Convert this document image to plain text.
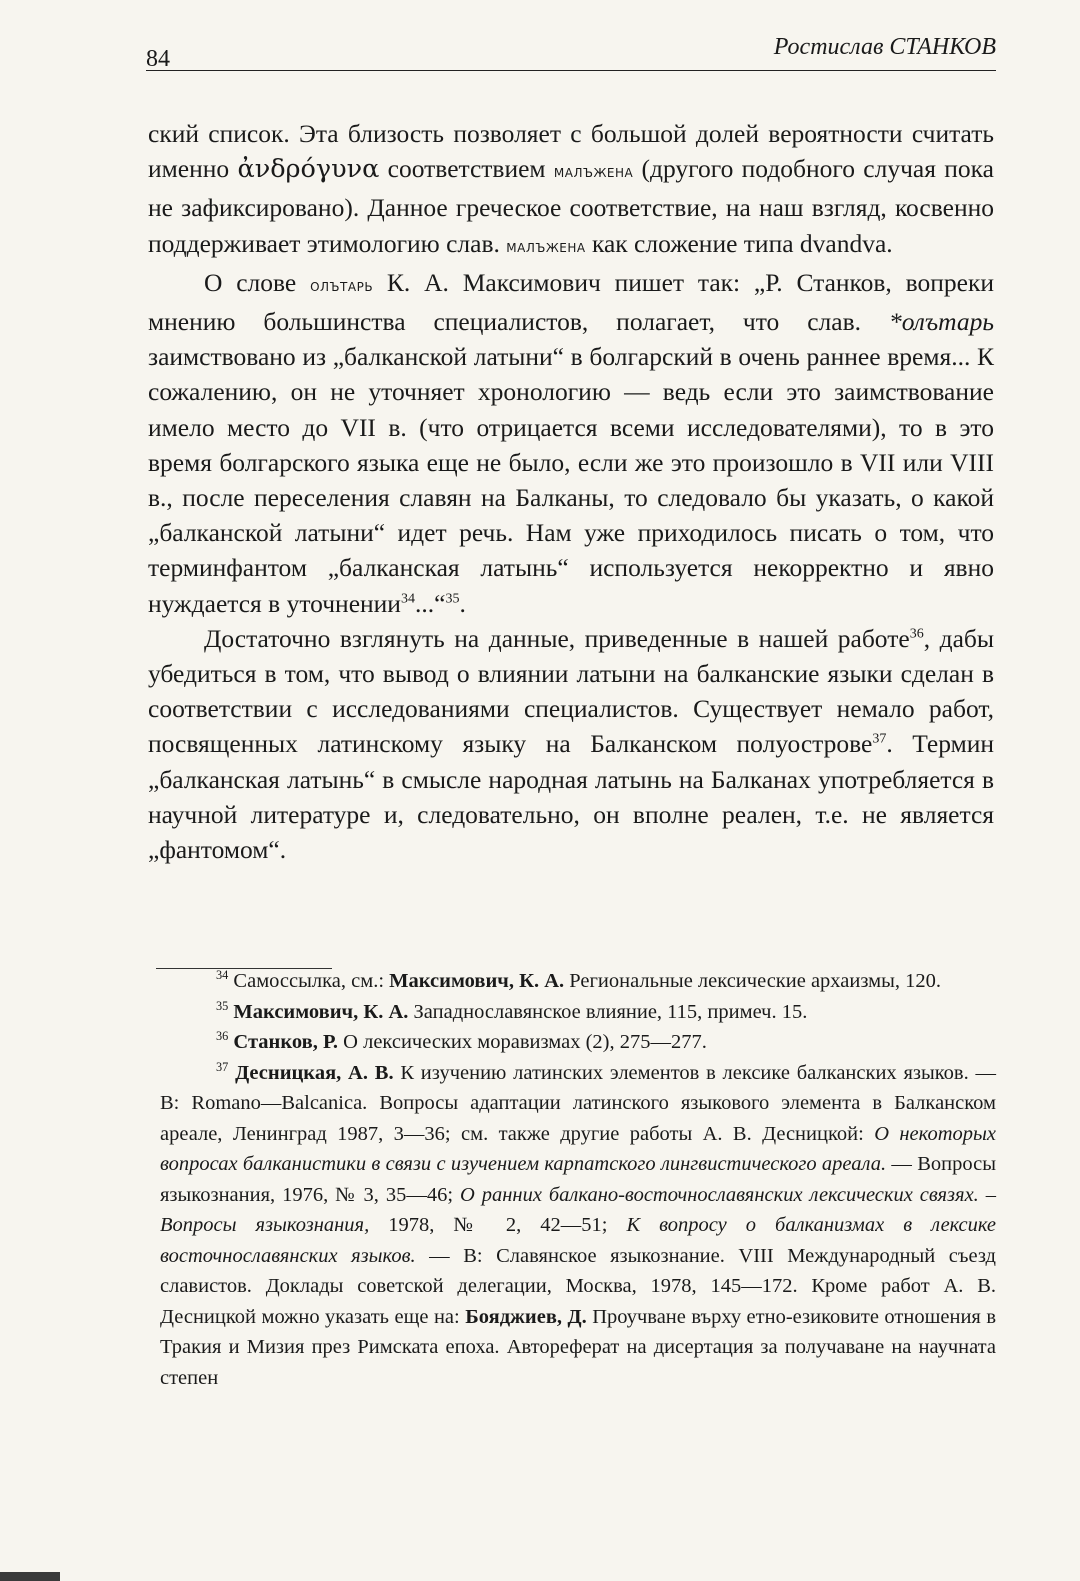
84	Ростислав СТАНКОВ

ский список. Эта близость позволяет с большой долей вероятности считать именно ἀνδρόγυνα соответствием малъжена (другого подобного случая пока не зафиксировано). Данное греческое соответствие, на наш взгляд, косвенно поддерживает этимологию слав. малъжена как сложение типа dvandva.

О слове олътарь К. А. Максимович пишет так: „Р. Станков, вопреки мнению большинства специалистов, полагает, что слав. *олътарь заимствовано из „балканской латыни“ в болгарский в очень раннее время... К сожалению, он не уточняет хронологию — ведь если это заимствование имело место до VII в. (что отрицается всеми исследователями), то в это время болгарского языка еще не было, если же это произошло в VII или VIII в., после переселения славян на Балканы, то следовало бы указать, о какой „балканской латыни“ идет речь. Нам уже приходилось писать о том, что терминфантом „балканская латынь“ используется некорректно и явно нуждается в уточнении$^{34}$...“$^{35}$.

Достаточно взглянуть на данные, приведенные в нашей работе$^{36}$, дабы убедиться в том, что вывод о влиянии латыни на балканские языки сделан в соответствии с исследованиями специалистов. Существует немало работ, посвященных латинскому языку на Балканском полуострове$^{37}$. Термин „балканская латынь“ в смысле народная латынь на Балканах употребляется в научной литературе и, следовательно, он вполне реален, т.е. не является „фантомом“.

$^{34}$ Самоссылка, см.: Максимович, К. А. Региональные лексические архаизмы, 120.

$^{35}$ Максимович, К. А. Западнославянское влияние, 115, примеч. 15.

$^{36}$ Станков, Р. О лексических моравизмах (2), 275—277.

$^{37}$ Десницкая, А. В. К изучению латинских элементов в лексике балканских языков. — В: Romano—Balcanica. Вопросы адаптации латинского языкового элемента в Балканском ареале, Ленинград 1987, 3—36; см. также другие работы А. В. Десницкой: О некоторых вопросах балканистики в связи с изучением карпатского лингвистического ареала. — Вопросы языкознания, 1976, № 3, 35—46; О ранних балкано-восточнославянских лексических связях. – Вопросы языкознания, 1978, № 2, 42—51; К вопросу о балканизмах в лексике восточнославянских языков. — В: Славянское языкознание. VIII Международный съезд славистов. Доклады советской делегации, Москва, 1978, 145—172. Кроме работ А. В. Десницкой можно указать еще на: Бояджиев, Д. Проучване върху етно-езиковите отношения в Тракия и Мизия през Римската епоха. Автореферат на дисертация за получаване на научната степен
